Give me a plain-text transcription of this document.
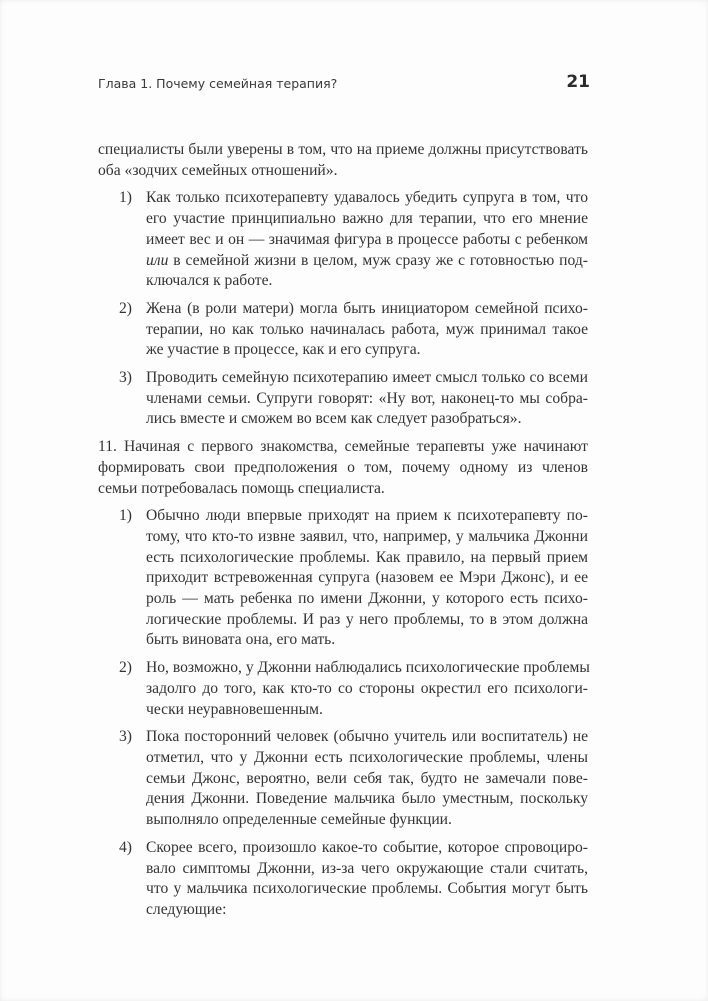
Глава 1. Почему семейная терапия?	21
специалисты были уверены в том, что на приеме должны присутствовать
оба «зодчих семейных отношений».
1) Как только психотерапевту удавалось убедить супруга в том, что
его участие принципиально важно для терапии, что его мнение
имеет вес и он — значимая фигура в процессе работы с ребенком
или в семейной жизни в целом, муж сразу же с готовностью под-
ключался к работе.
2) Жена (в роли матери) могла быть инициатором семейной психо-
терапии, но как только начиналась работа, муж принимал такое
же участие в процессе, как и его супруга.
3) Проводить семейную психотерапию имеет смысл только со всеми
членами семьи. Супруги говорят: «Ну вот, наконец-то мы собра-
лись вместе и сможем во всем как следует разобраться».
11. Начиная с первого знакомства, семейные терапевты уже начинают
формировать свои предположения о том, почему одному из членов
семьи потребовалась помощь специалиста.
1) Обычно люди впервые приходят на прием к психотерапевту по-
тому, что кто-то извне заявил, что, например, у мальчика Джонни
есть психологические проблемы. Как правило, на первый прием
приходит встревоженная супруга (назовем ее Мэри Джонс), и ее
роль — мать ребенка по имени Джонни, у которого есть психо-
логические проблемы. И раз у него проблемы, то в этом должна
быть виновата она, его мать.
2) Но, возможно, у Джонни наблюдались психологические проблемы
задолго до того, как кто-то со стороны окрестил его психологи-
чески неуравновешенным.
3) Пока посторонний человек (обычно учитель или воспитатель) не
отметил, что у Джонни есть психологические проблемы, члены
семьи Джонс, вероятно, вели себя так, будто не замечали пове-
дения Джонни. Поведение мальчика было уместным, поскольку
выполняло определенные семейные функции.
4) Скорее всего, произошло какое-то событие, которое спровоциро-
вало симптомы Джонни, из-за чего окружающие стали считать,
что у мальчика психологические проблемы. События могут быть
следующие:
